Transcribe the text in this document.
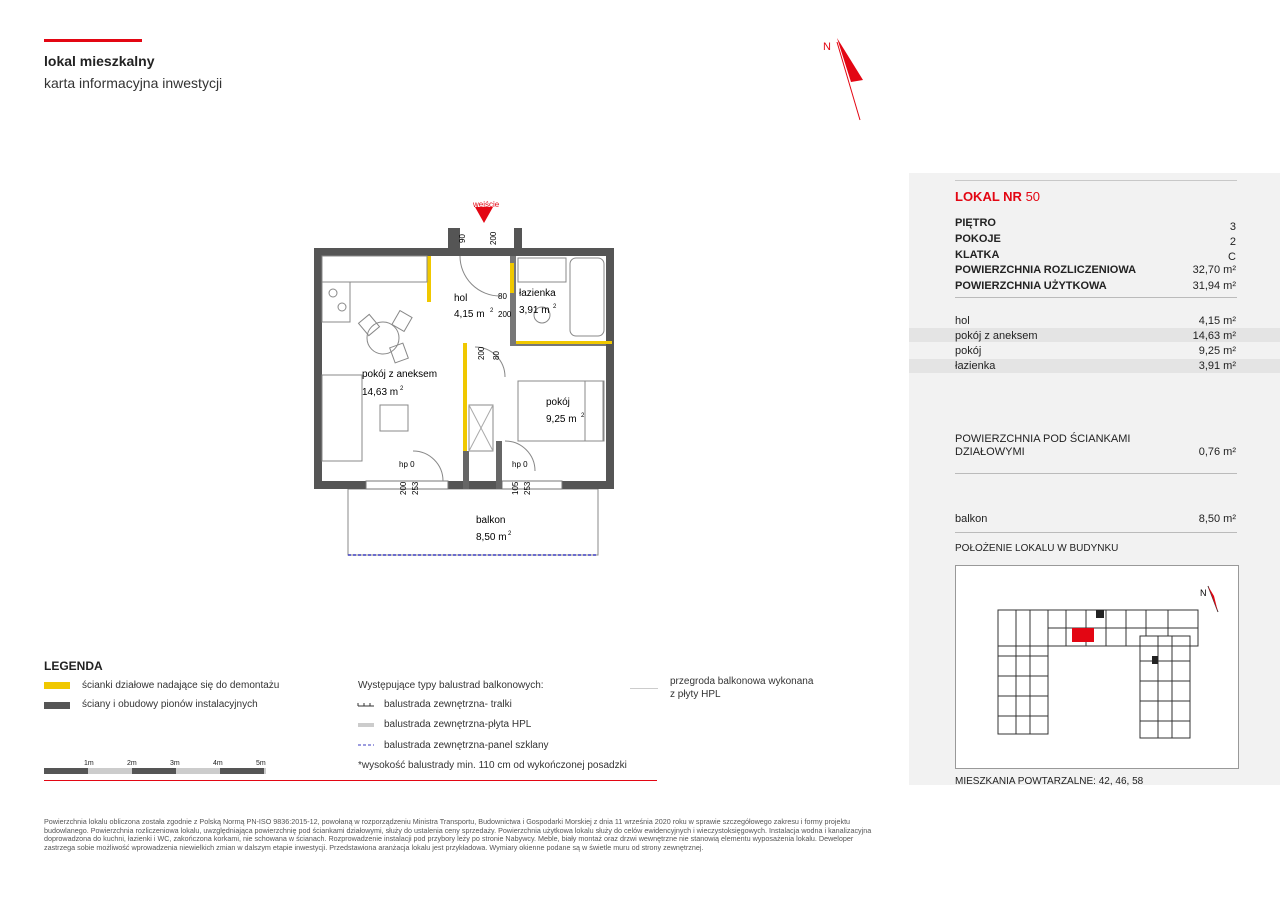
lokal mieszkalny
karta informacyjna inwestycji
N
wejście
hol
4,15 m
łazienka
3,91 m
pokój z aneksem
14,63 m
pokój
9,25 m
balkon
8,50 m
90	200
80
200
200 80
hp 0	hp 0
200 253	105 253
LOKAL NR 50
PIĘTRO	3
POKOJE	2
KLATKA	C
POWIERZCHNIA ROZLICZENIOWA	32,70 m²
POWIERZCHNIA UŻYTKOWA	31,94 m²
hol	4,15 m²
pokój z aneksem	14,63 m²
pokój	9,25 m²
łazienka	3,91 m²
POWIERZCHNIA POD ŚCIANKAMI
DZIAŁOWYMI	0,76 m²
balkon	8,50 m²
POŁOŻENIE LOKALU W BUDYNKU
N
MIESZKANIA POWTARZALNE: 42, 46, 58
LEGENDA
ścianki działowe nadające się do demontażu
ściany i obudowy pionów instalacyjnych
Występujące typy balustrad balkonowych:
balustrada zewnętrzna- tralki
balustrada zewnętrzna-płyta HPL
balustrada zewnętrzna-panel szklany
*wysokość balustrady min. 110 cm od wykończonej posadzki
przegroda balkonowa wykonana
z płyty HPL
1m	2m	3m	4m	5m
Powierzchnia lokalu obliczona została zgodnie z Polską Normą PN-ISO 9836:2015-12, powołaną w rozporządzeniu Ministra Transportu, Budownictwa i Gospodarki Morskiej z dnia 11 września 2020 roku w sprawie szczegółowego zakresu i formy projektu budowlanego. Powierzchnia rozliczeniowa lokalu, uwzględniająca powierzchnię pod ściankami działowymi, służy do ustalenia ceny sprzedaży. Powierzchnia użytkowa lokalu służy do celów ewidencyjnych i wieczystoksięgowych. Instalacja wodna i kanalizacyjna doprowadzona do kuchni, łazienki i WC, zakończona korkami, nie schowana w ścianach. Rozprowadzenie instalacji pod przybory leży po stronie Nabywcy. Meble, biały montaż oraz drzwi wewnętrzne nie stanowią elementu wyposażenia lokalu. Deweloper zastrzega sobie możliwość wprowadzenia niewielkich zmian w dalszym etapie inwestycji. Przedstawiona aranżacja lokalu jest przykładowa. Wymiary okienne podane są w świetle muru od strony zewnętrznej.
2
2
2
2
2
